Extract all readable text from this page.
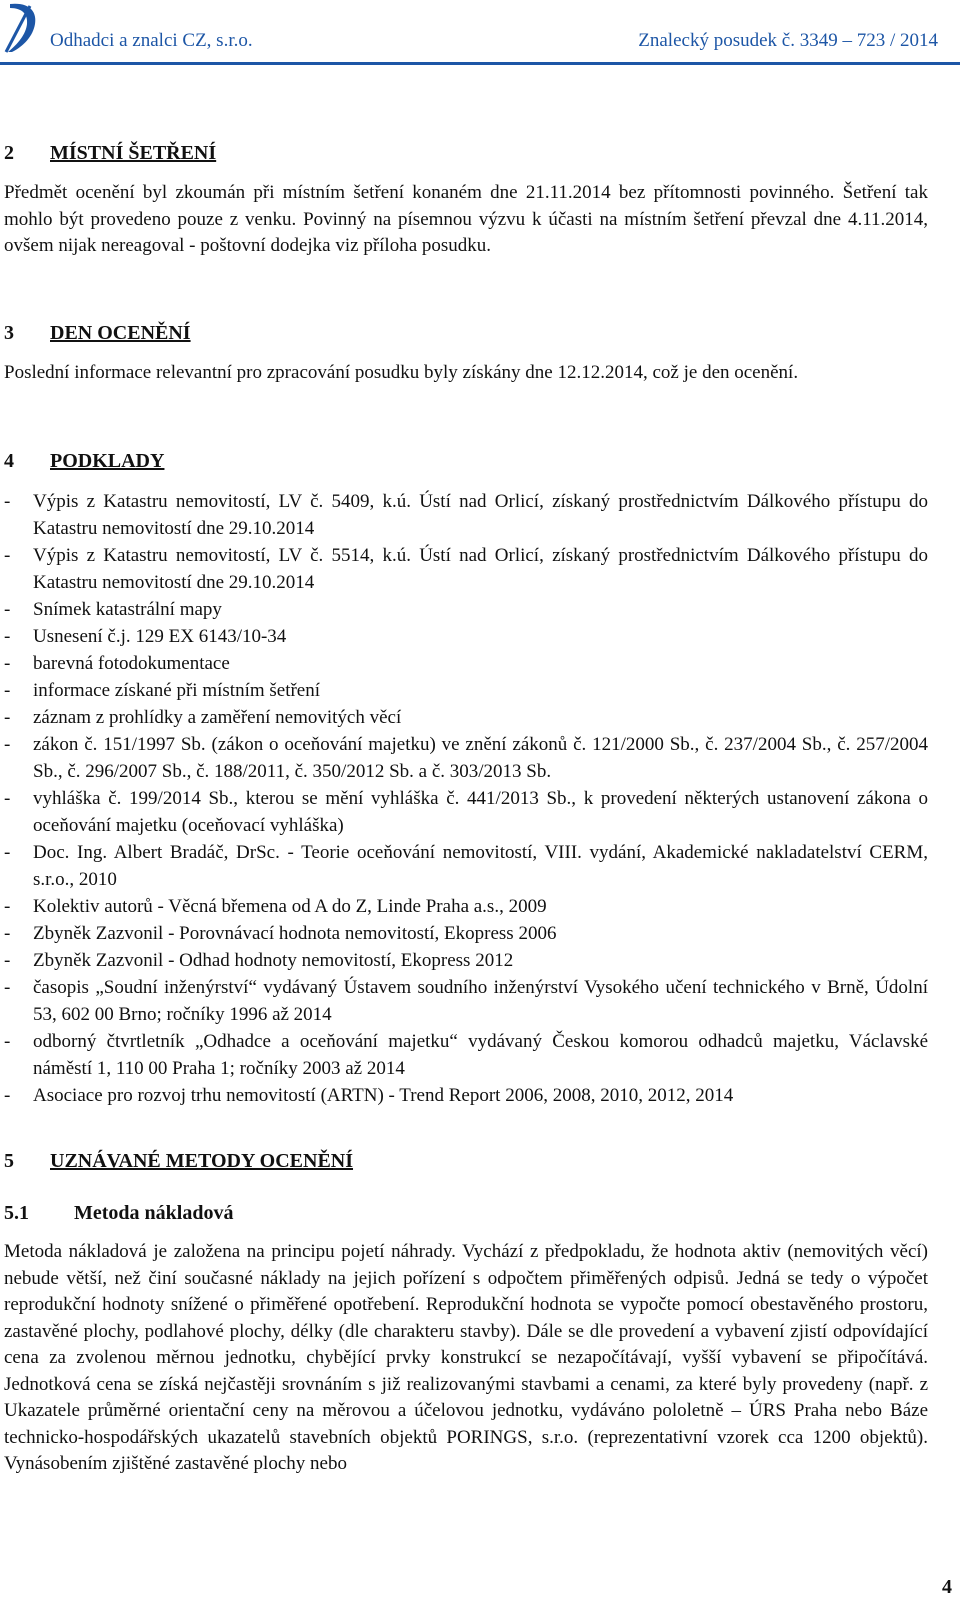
Odhadci a znalci CZ, s.r.o.	Znalecký posudek č. 3349 – 723 / 2014
2	MÍSTNÍ ŠETŘENÍ

Předmět ocenění byl zkoumán při místním šetření konaném dne 21.11.2014 bez přítomnosti povinného. Šetření tak mohlo být provedeno pouze z venku. Povinný na písemnou výzvu k účasti na místním šetření převzal dne 4.11.2014, ovšem nijak nereagoval - poštovní dodejka viz příloha posudku.

3	DEN OCENĚNÍ

Poslední informace relevantní pro zpracování posudku byly získány dne 12.12.2014, což je den ocenění.

4	PODKLADY
- Výpis z Katastru nemovitostí, LV č. 5409, k.ú. Ústí nad Orlicí, získaný prostřednictvím Dálkového přístupu do Katastru nemovitostí dne 29.10.2014
- Výpis z Katastru nemovitostí, LV č. 5514, k.ú. Ústí nad Orlicí, získaný prostřednictvím Dálkového přístupu do Katastru nemovitostí dne 29.10.2014
- Snímek katastrální mapy
- Usnesení č.j. 129 EX 6143/10-34
- barevná fotodokumentace
- informace získané při místním šetření
- záznam z prohlídky a zaměření nemovitých věcí
- zákon č. 151/1997 Sb. (zákon o oceňování majetku) ve znění zákonů č. 121/2000 Sb., č. 237/2004 Sb., č. 257/2004 Sb., č. 296/2007 Sb., č. 188/2011, č. 350/2012 Sb. a č. 303/2013 Sb.
- vyhláška č. 199/2014 Sb., kterou se mění vyhláška č. 441/2013 Sb., k provedení některých ustanovení zákona o oceňování majetku (oceňovací vyhláška)
- Doc. Ing. Albert Bradáč, DrSc. - Teorie oceňování nemovitostí, VIII. vydání, Akademické nakladatelství CERM, s.r.o., 2010
- Kolektiv autorů - Věcná břemena od A do Z, Linde Praha a.s., 2009
- Zbyněk Zazvonil - Porovnávací hodnota nemovitostí, Ekopress 2006
- Zbyněk Zazvonil - Odhad hodnoty nemovitostí, Ekopress 2012
- časopis „Soudní inženýrství“ vydávaný Ústavem soudního inženýrství Vysokého učení technického v Brně, Údolní 53, 602 00 Brno; ročníky 1996 až 2014
- odborný čtvrtletník „Odhadce a oceňování majetku“ vydávaný Českou komorou odhadců majetku, Václavské náměstí 1, 110 00 Praha 1; ročníky 2003 až 2014
- Asociace pro rozvoj trhu nemovitostí (ARTN) - Trend Report 2006, 2008, 2010, 2012, 2014
5	UZNÁVANÉ METODY OCENĚNÍ
5.1	Metoda nákladová

Metoda nákladová je založena na principu pojetí náhrady. Vychází z předpokladu, že hodnota aktiv (nemovitých věcí) nebude větší, než činí současné náklady na jejich pořízení s odpočtem přiměřených odpisů. Jedná se tedy o výpočet reprodukční hodnoty snížené o přiměřené opotřebení. Reprodukční hodnota se vypočte pomocí obestavěného prostoru, zastavěné plochy, podlahové plochy, délky (dle charakteru stavby). Dále se dle provedení a vybavení zjistí odpovídající cena za zvolenou měrnou jednotku, chybějící prvky konstrukcí se nezapočítávají, vyšší vybavení se připočítává. Jednotková cena se získá nejčastěji srovnáním s již realizovanými stavbami a cenami, za které byly provedeny (např. z Ukazatele průměrné orientační ceny na měrovou a účelovou jednotku, vydáváno pololetně – ÚRS Praha nebo Báze technicko-hospodářských ukazatelů stavebních objektů PORINGS, s.r.o. (reprezentativní vzorek cca 1200 objektů). Vynásobením zjištěné zastavěné plochy nebo

4
